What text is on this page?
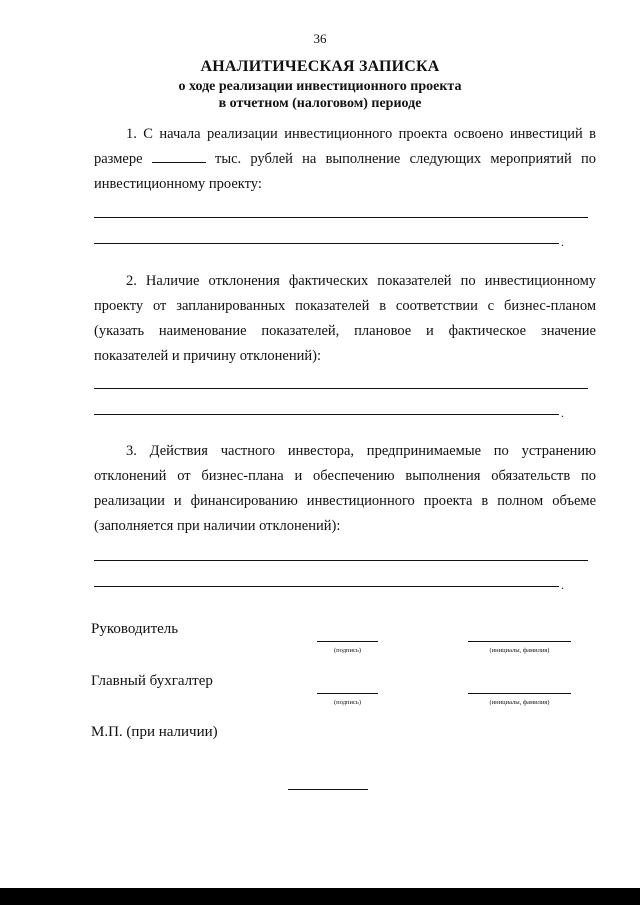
36
АНАЛИТИЧЕСКАЯ ЗАПИСКА
о ходе реализации инвестиционного проекта
в отчетном (налоговом) периоде
1. С начала реализации инвестиционного проекта освоено инвестиций в размере	тыс. рублей на выполнение следующих мероприятий по инвестиционному проекту:
.
2. Наличие отклонения фактических показателей по инвестиционному проекту от запланированных показателей в соответствии с бизнес-планом (указать наименование показателей, плановое и фактическое значение показателей и причину отклонений):
.
3. Действия частного инвестора, предпринимаемые по устранению отклонений от бизнес-плана и обеспечению выполнения обязательств по реализации и финансированию инвестиционного проекта в полном объеме (заполняется при наличии отклонений):
.
Руководитель
(подпись)	(инициалы, фамилия)
Главный бухгалтер
(подпись)	(инициалы, фамилия)
М.П. (при наличии)
